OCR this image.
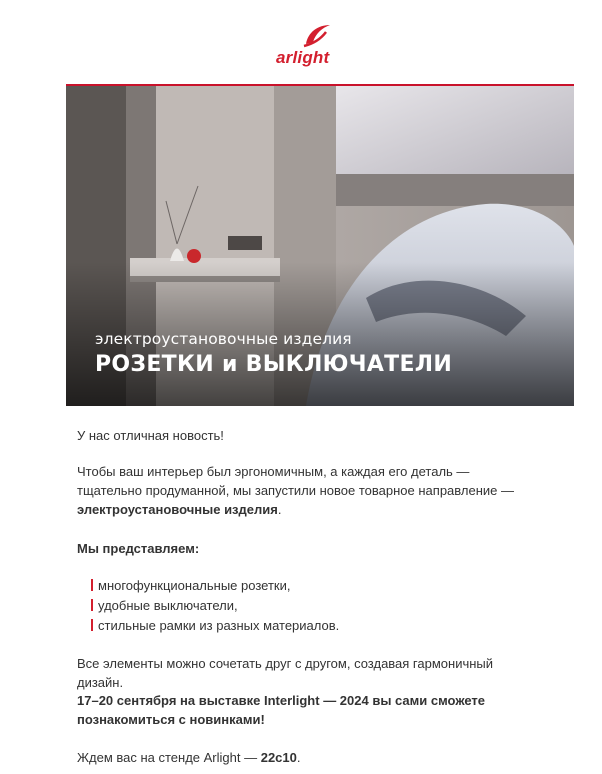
arlight
электроустановочные изделия
РОЗЕТКИ и ВЫКЛЮЧАТЕЛИ

У нас отличная новость!

Чтобы ваш интерьер был эргономичным, а каждая его деталь — тщательно продуманной, мы запустили новое товарное направление — электроустановочные изделия.

Мы представляем:

многофункциональные розетки,
удобные выключатели,
стильные рамки из разных материалов.

Все элементы можно сочетать друг с другом, создавая гармоничный дизайн.

17–20 сентября на выставке Interlight — 2024 вы сами сможете познакомиться с новинками!

Ждем вас на стенде Arlight — 22с10.
